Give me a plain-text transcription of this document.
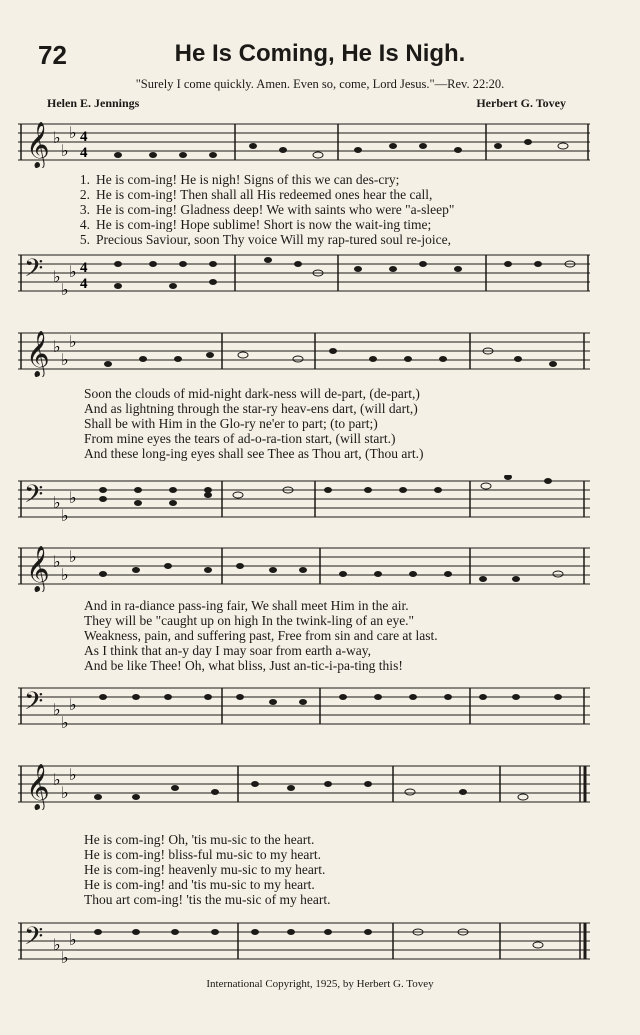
72	He Is Coming, He Is Nigh.
"Surely I come quickly. Amen. Even so, come, Lord Jesus."—Rev. 22:20.
Helen E. Jennings	Herbert G. Tovey
𝄞 ♭
♭
♭ 4
4
1. He is com-ing! He is nigh! Signs of this we can des-cry;
2. He is com-ing! Then shall all His redeemed ones hear the call,
3. He is com-ing! Gladness deep! We with saints who were "a-sleep"
4. He is com-ing! Hope sublime! Short is now the wait-ing time;
5. Precious Saviour, soon Thy voice Will my rap-tured soul re-joice,
𝄢 ♭
♭
♭ 4
4
𝄞 ♭
♭
♭
Soon the clouds of mid-night dark-ness will de-part, (de-part,)
And as lightning through the star-ry heav-ens dart, (will dart,)
Shall be with Him in the Glo-ry ne'er to part; (to part;)
From mine eyes the tears of ad-o-ra-tion start, (will start.)
And these long-ing eyes shall see Thee as Thou art, (Thou art.)
𝄢 ♭
♭
♭
𝄞 ♭
♭
♭
And in ra-diance pass-ing fair, We shall meet Him in the air.
They will be "caught up on high In the twink-ling of an eye."
Weakness, pain, and suffering past, Free from sin and care at last.
As I think that an-y day I may soar from earth a-way,
And be like Thee! Oh, what bliss, Just an-tic-i-pa-ting this!
𝄢 ♭
♭
♭
𝄞 ♭
♭
♭
He is com-ing! Oh, 'tis mu-sic to the heart.
He is com-ing! bliss-ful mu-sic to my heart.
He is com-ing! heavenly mu-sic to my heart.
He is com-ing! and 'tis mu-sic to my heart.
Thou art com-ing! 'tis the mu-sic of my heart.
𝄢 ♭
♭
♭
International Copyright, 1925, by Herbert G. Tovey
